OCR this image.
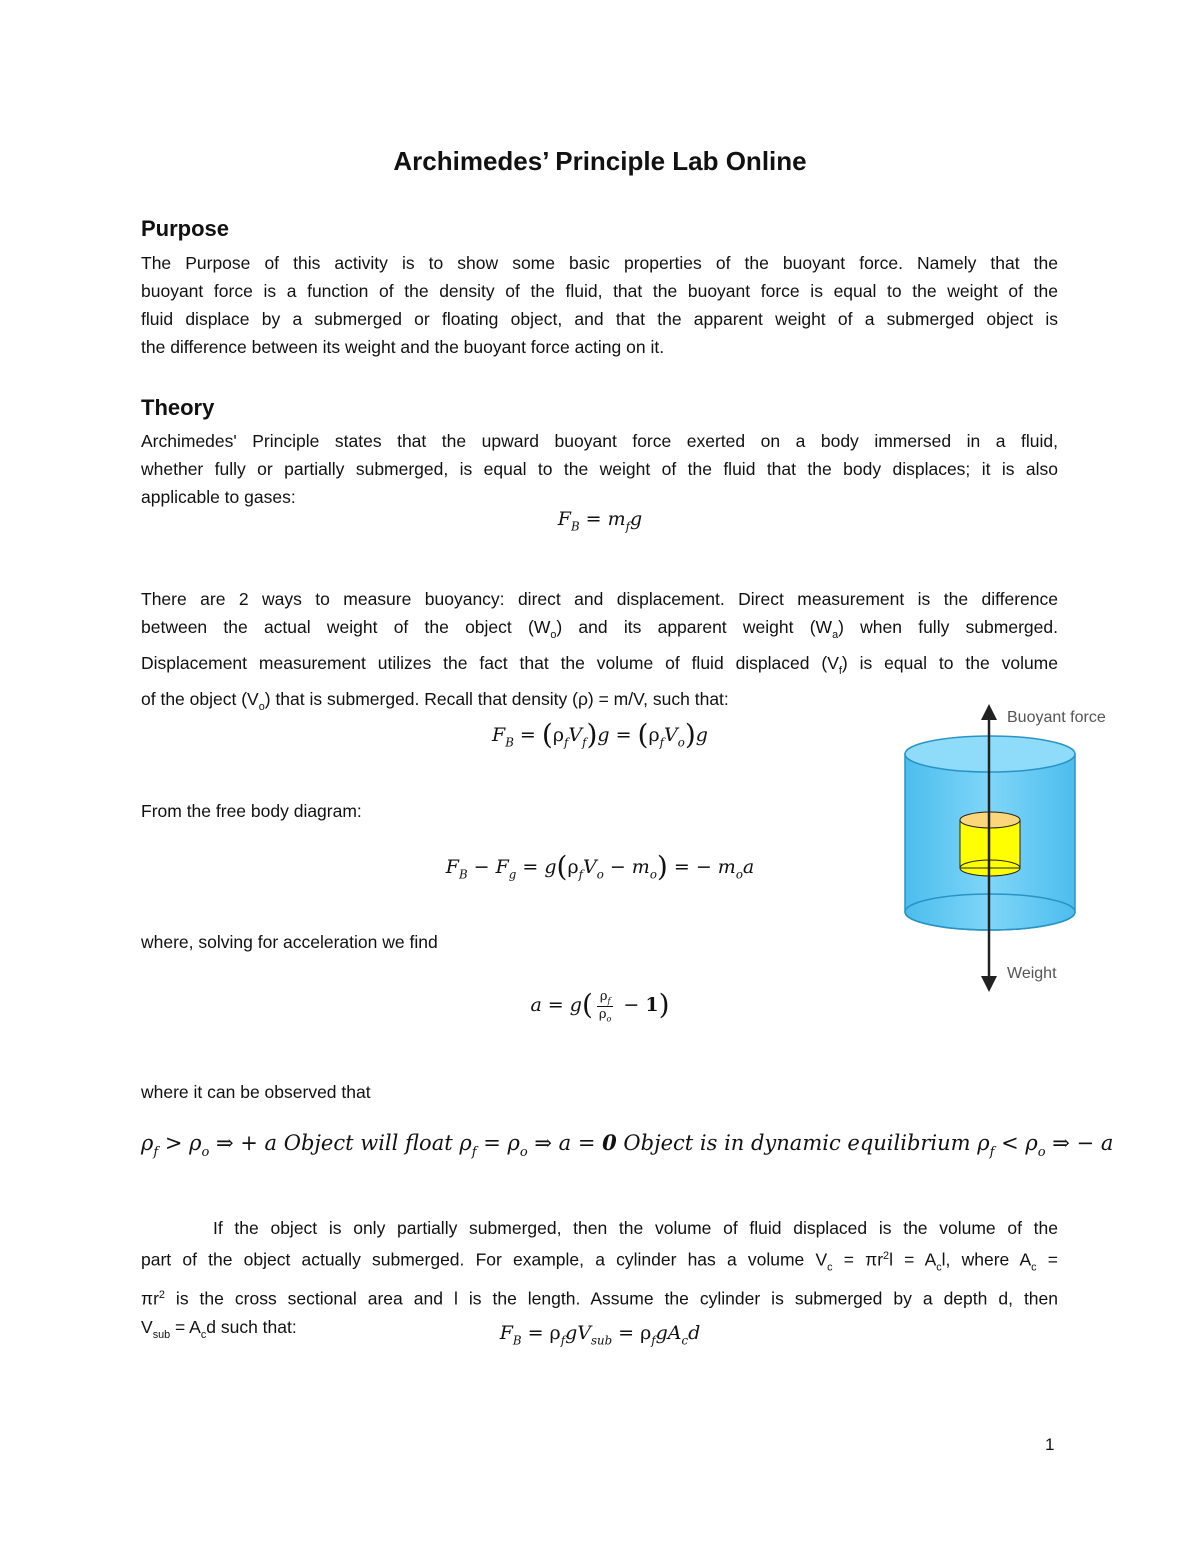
Archimedes’ Principle Lab Online
Purpose
The Purpose of this activity is to show some basic properties of the buoyant force. Namely that the
buoyant force is a function of the density of the fluid, that the buoyant force is equal to the weight of the
fluid displace by a submerged or floating object, and that the apparent weight of a submerged object is
the difference between its weight and the buoyant force acting on it.
Theory
Archimedes' Principle states that the upward buoyant force exerted on a body immersed in a fluid,
whether fully or partially submerged, is equal to the weight of the fluid that the body displaces; it is also
applicable to gases:
$F_B = m_fg$
There are 2 ways to measure buoyancy: direct and displacement. Direct measurement is the difference
between the actual weight of the object $(W_o)$ and its apparent weight $(W_a)$ when fully submerged.
Displacement measurement utilizes the fact that the volume of fluid displaced $(V_f)$ is equal to the volume
of the object $(V_o)$ that is submerged. Recall that density (ρ) = m/V, such that:
$F_B = (\rho_fV_f)g = (\rho_fV_o)g$
From the free body diagram:
$F_B - F_g = g(\rho_fV_o - m_o)$ = − $m_oa$
where, solving for acceleration we find
$a = g( \frac{\rho_f}{\rho_o} - 1)$
where it can be observed that
$\rho_f > \rho_o$ ⇒ + a Object will float $\rho_f = \rho_o$ ⇒ a = 0 Object is in dynamic equilibrium $\rho_f < \rho_o$ ⇒ − a
If the object is only partially submerged, then the volume of fluid displaced is the volume of the
part of the object actually submerged. For example, a cylinder has a volume $V_c = \pi r^2l = A_cl$, where $A_c$ =
$\pi r^2$ is the cross sectional area and l is the length. Assume the cylinder is submerged by a depth d, then
$V_{sub} = A_cd$ such that:	$F_B = \rho_fgV_{sub} = \rho_fgA_cd$
1
Buoyant force
Weight
